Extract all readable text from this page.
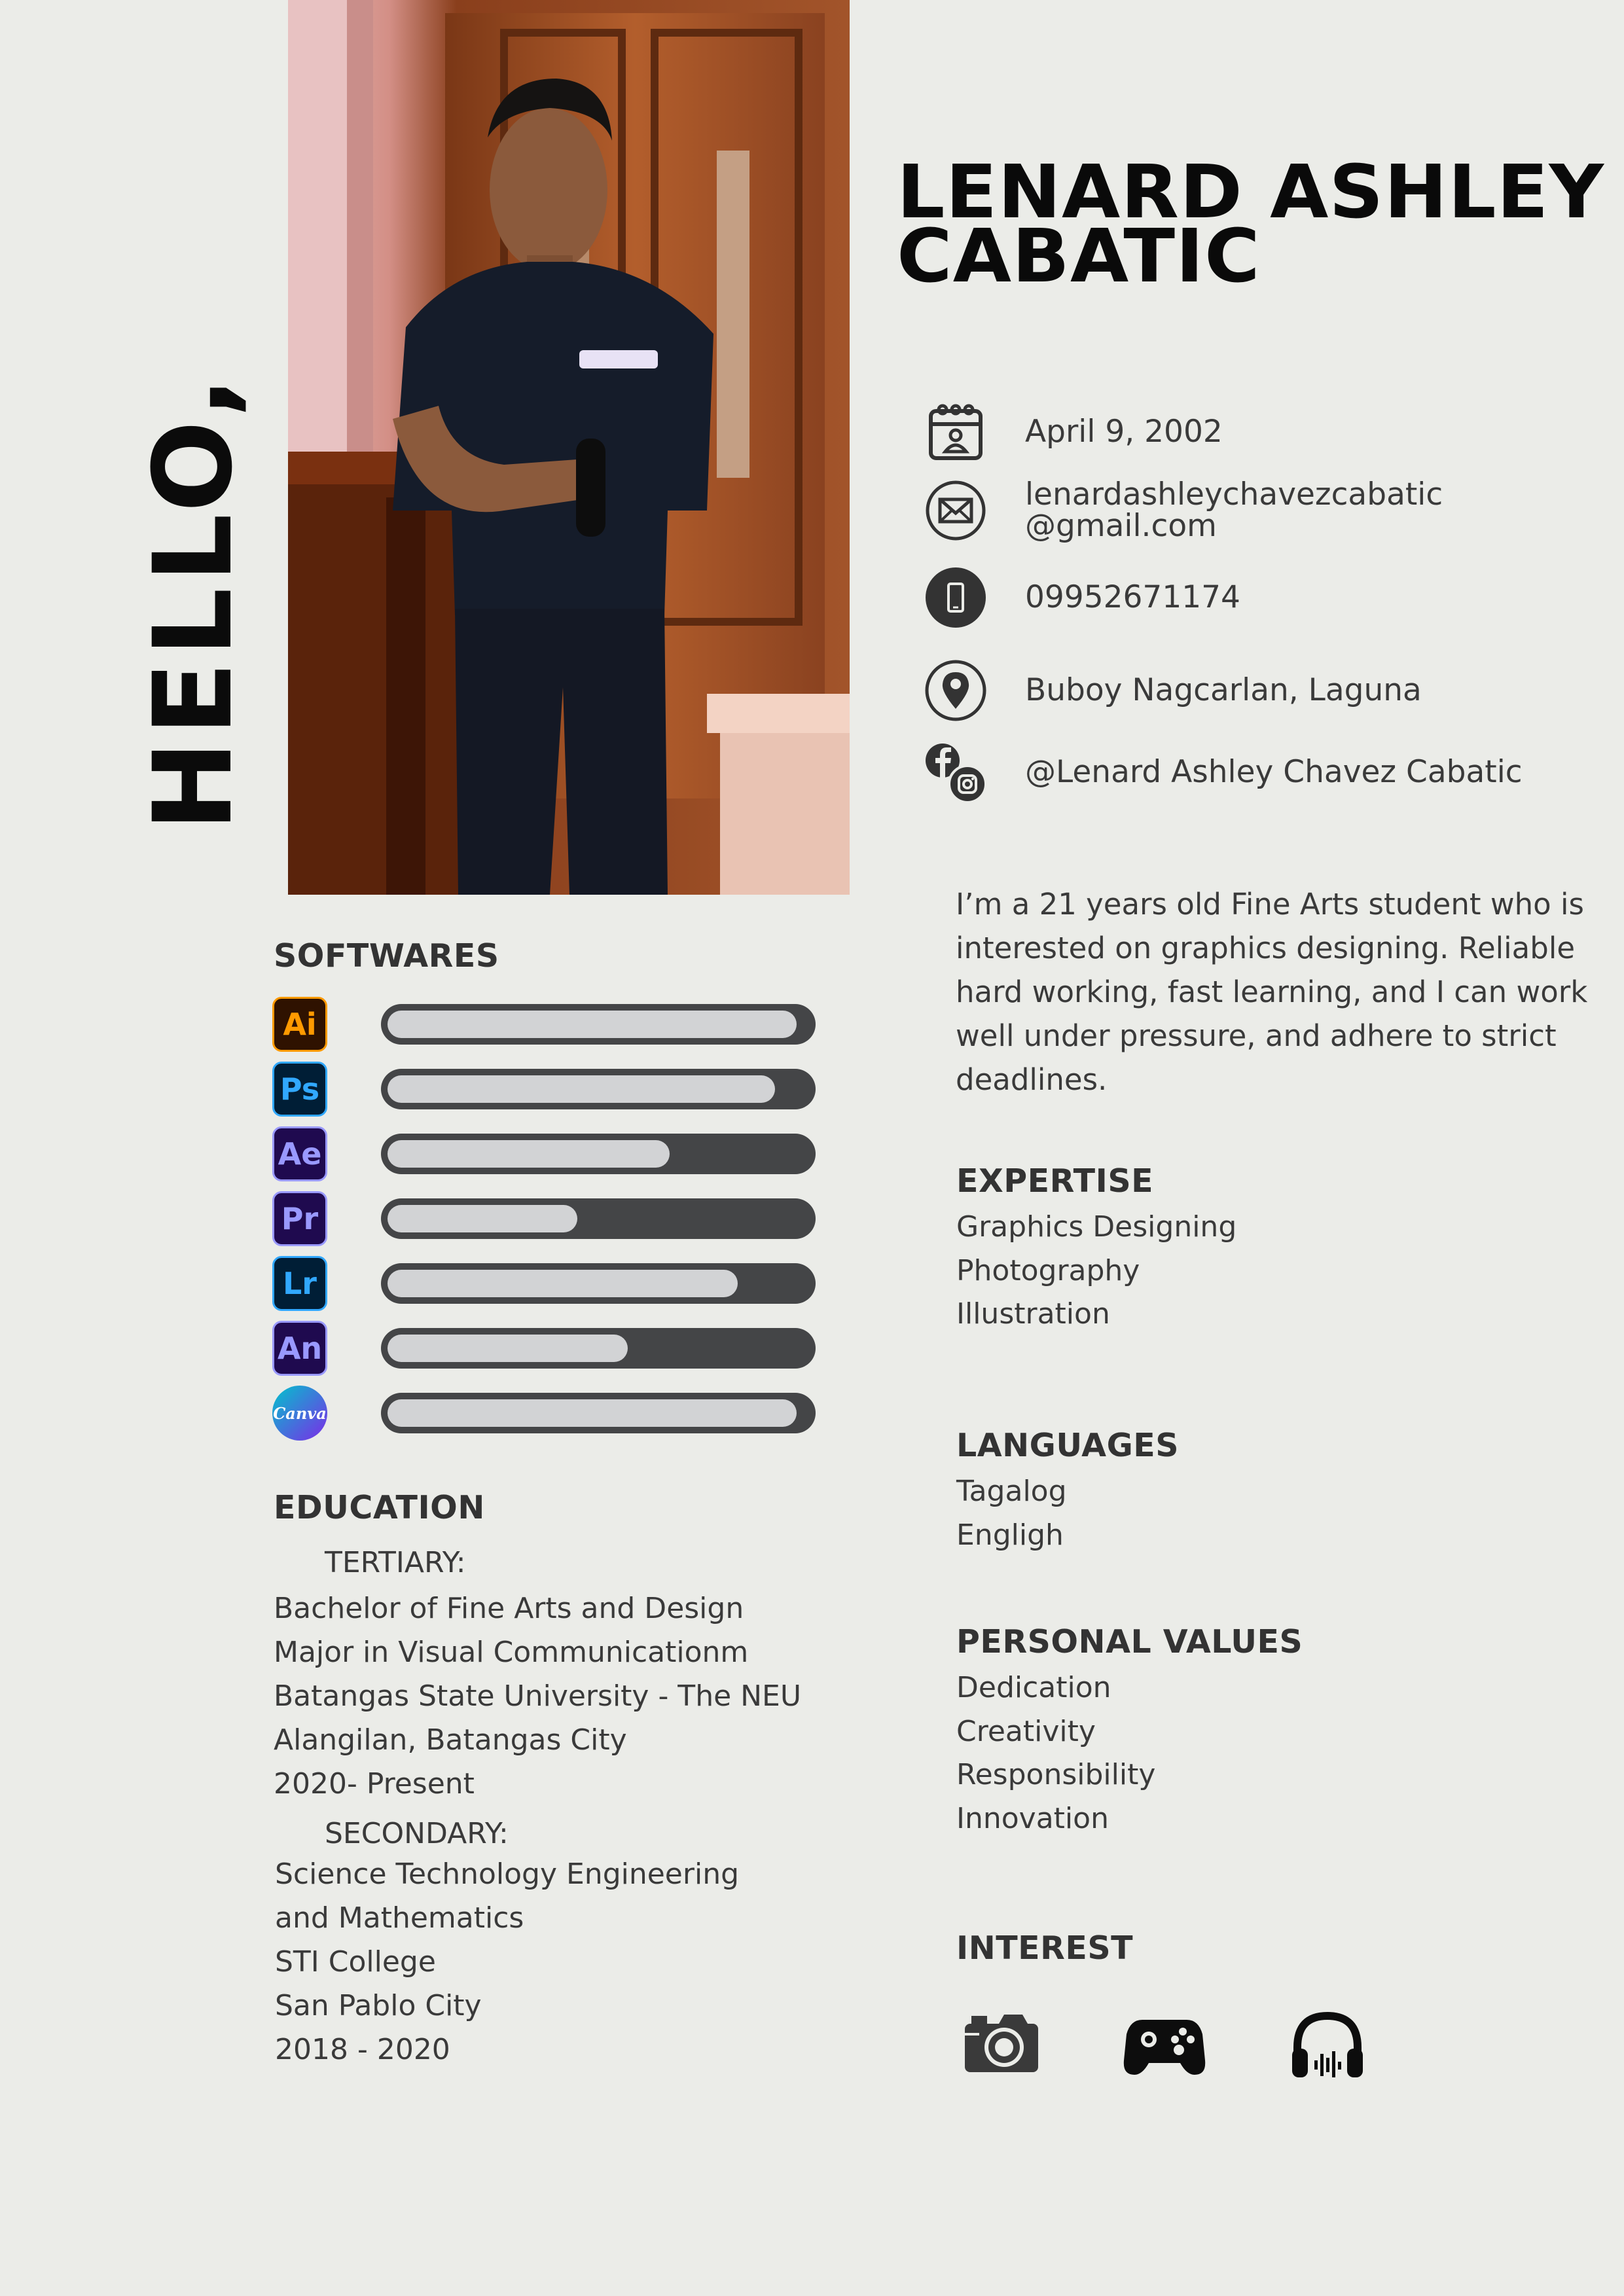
HELLO,
LENARD ASHLEY
CABATIC
April 9, 2002
lenardashleychavezcabatic
@gmail.com
09952671174
Buboy Nagcarlan, Laguna
@Lenard Ashley Chavez Cabatic
I’m a 21 years old Fine Arts student who is interested on graphics designing. Reliable hard working, fast learning, and I can work well under pressure, and adhere to strict deadlines.
SOFTWARES
Ai
Ps
Ae
Pr
Lr
An
Canva
EDUCATION
TERTIARY:
Bachelor of Fine Arts and Design
Major in Visual Communicationm
Batangas State University - The NEU
Alangilan, Batangas City
2020- Present
SECONDARY:
Science Technology Engineering
and Mathematics
STI College
San Pablo City
2018 - 2020
EXPERTISE
Graphics Designing
Photography
Illustration
LANGUAGES
Tagalog
Engligh
PERSONAL VALUES
Dedication
Creativity
Responsibility
Innovation
INTEREST
